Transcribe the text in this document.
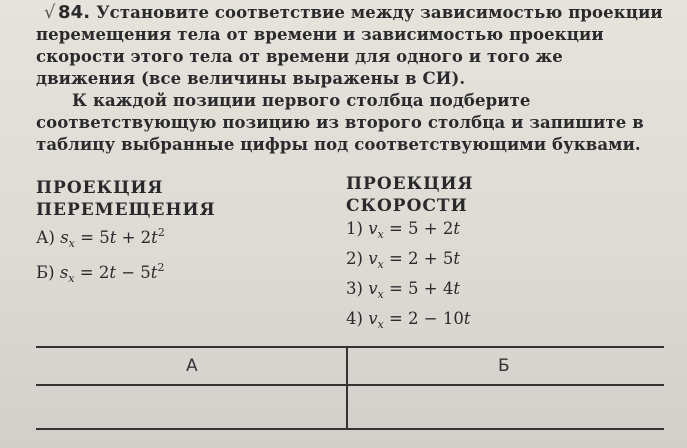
√ 84. Установите соответствие между зависимостью проекции перемещения тела от времени и зависимостью проекции скорости этого тела от времени для одного и того же движения (все величины выражены в СИ).

К каждой позиции первого столбца подберите соответствующую позицию из второго столбца и запишите в таблицу выбранные цифры под соответствующими буквами.

ПРОЕКЦИЯ
ПЕРЕМЕЩЕНИЯ
А) $s_x = 5t + 2t^2$
Б) $s_x = 2t - 5t^2$
ПРОЕКЦИЯ
СКОРОСТИ
1) $v_x = 5 + 2t$
2) $v_x = 2 + 5t$
3) $v_x = 5 + 4t$
4) $v_x = 2 - 10t$
А	Б
